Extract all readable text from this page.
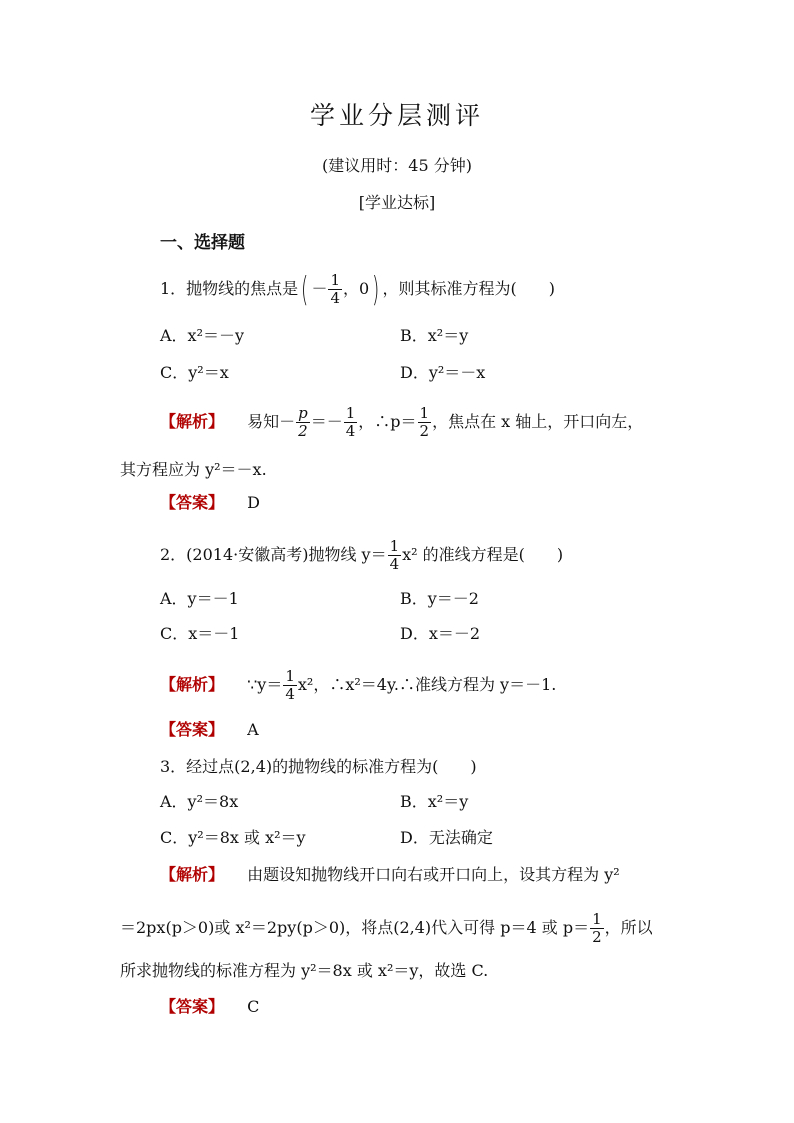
学业分层测评
(建议用时：45 分钟)
[学业达标]
一、选择题
1．抛物线的焦点是( － $\frac{1}{4}$ ，0) ，则其标准方程为(　　)
A．x²＝－y	B．x²＝y
C．y²＝x	D．y²＝－x
【解析】 易知－ $\frac{p}{2} =- \frac{1}{4}$ ，∴p＝ $\frac{1}{2}$ ，焦点在 x 轴上，开口向左，
其方程应为 y²＝－x.
【答案】 D
2．(2014·安徽高考)抛物线 $y= \frac{1}{4} x^2$ 的准线方程是(　　)
A．y＝－1	B．y＝－2
C．x＝－1	D．x＝－2
【解析】 ∵y＝ $\frac{1}{4} x^2$，∴x²＝4y.∴准线方程为 y＝－1.
【答案】 A
3．经过点(2,4)的抛物线的标准方程为(　　)
A．y²＝8x	B．x²＝y
C．y²＝8x 或 x²＝y	D．无法确定
【解析】 由题设知抛物线开口向右或开口向上，设其方程为 y²
＝2px(p＞0)或 x²＝2py(p＞0)，将点(2,4)代入可得 p＝4 或 $p= \frac{1}{2}$ ，所以
所求抛物线的标准方程为 y²＝8x 或 x²＝y，故选 C.
【答案】 C
